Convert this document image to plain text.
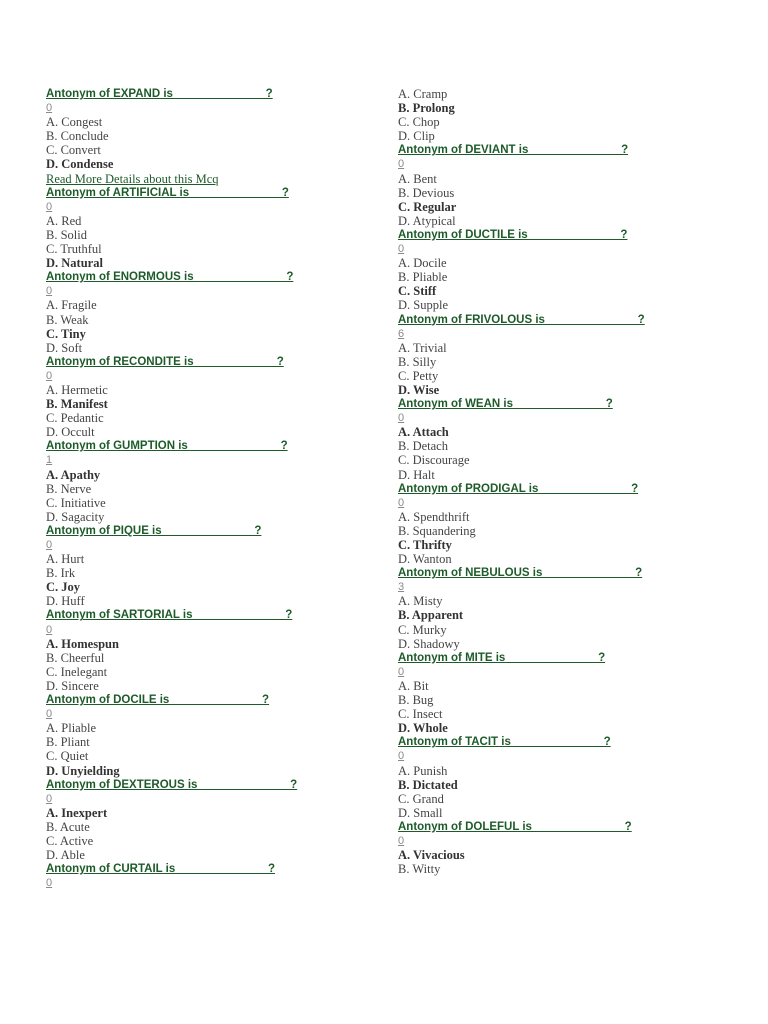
Antonym of EXPAND is ______________?
0
A. Congest
B. Conclude
C. Convert
D. Condense
Read More Details about this Mcq
Antonym of ARTIFICIAL is ______________?
0
A. Red
B. Solid
C. Truthful
D. Natural
Antonym of ENORMOUS is ______________?
0
A. Fragile
B. Weak
C. Tiny
D. Soft
Antonym of RECONDITE is_____________?
0
A. Hermetic
B. Manifest
C. Pedantic
D. Occult
Antonym of GUMPTION is ______________?
1
A. Apathy
B. Nerve
C. Initiative
D. Sagacity
Antonym of PIQUE is ______________?
0
A. Hurt
B. Irk
C. Joy
D. Huff
Antonym of SARTORIAL is ______________?
0
A. Homespun
B. Cheerful
C. Inelegant
D. Sincere
Antonym of DOCILE is ______________?
0
A. Pliable
B. Pliant
C. Quiet
D. Unyielding
Antonym of DEXTEROUS is ______________?
0
A. Inexpert
B. Acute
C. Active
D. Able
Antonym of CURTAIL is ______________?
0
A. Cramp
B. Prolong
C. Chop
D. Clip
Antonym of DEVIANT is ______________?
0
A. Bent
B. Devious
C. Regular
D. Atypical
Antonym of DUCTILE is ______________?
0
A. Docile
B. Pliable
C. Stiff
D. Supple
Antonym of FRIVOLOUS is ______________?
6
A. Trivial
B. Silly
C. Petty
D. Wise
Antonym of WEAN is ______________?
0
A. Attach
B. Detach
C. Discourage
D. Halt
Antonym of PRODIGAL is ______________?
0
A. Spendthrift
B. Squandering
C. Thrifty
D. Wanton
Antonym of NEBULOUS is ______________?
3
A. Misty
B. Apparent
C. Murky
D. Shadowy
Antonym of MITE is ______________?
0
A. Bit
B. Bug
C. Insect
D. Whole
Antonym of TACIT is ______________?
0
A. Punish
B. Dictated
C. Grand
D. Small
Antonym of DOLEFUL is ______________?
0
A. Vivacious
B. Witty
